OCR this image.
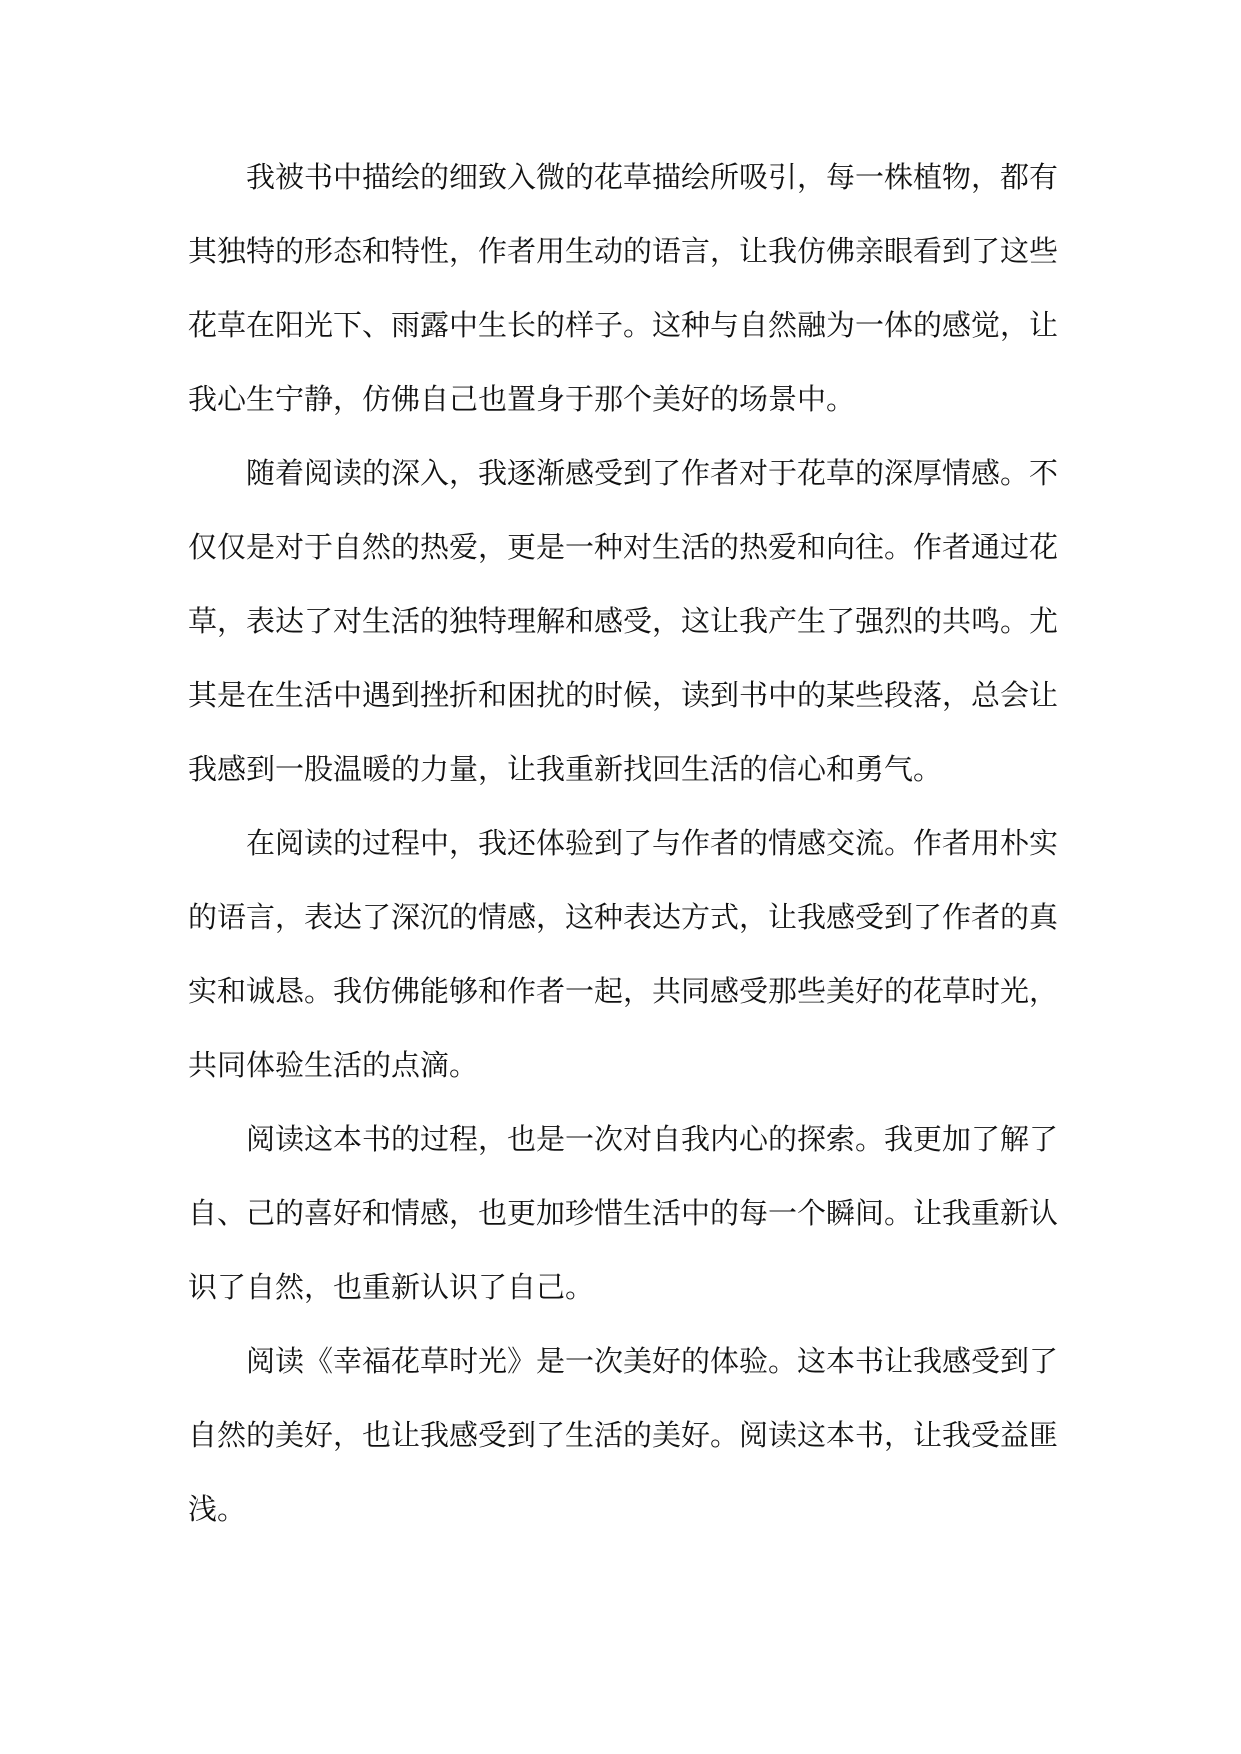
我被书中描绘的细致入微的花草描绘所吸引，每一株植物，都有其独特的形态和特性，作者用生动的语言，让我仿佛亲眼看到了这些花草在阳光下、雨露中生长的样子。这种与自然融为一体的感觉，让我心生宁静，仿佛自己也置身于那个美好的场景中。

随着阅读的深入，我逐渐感受到了作者对于花草的深厚情感。不仅仅是对于自然的热爱，更是一种对生活的热爱和向往。作者通过花草，表达了对生活的独特理解和感受，这让我产生了强烈的共鸣。尤其是在生活中遇到挫折和困扰的时候，读到书中的某些段落，总会让我感到一股温暖的力量，让我重新找回生活的信心和勇气。

在阅读的过程中，我还体验到了与作者的情感交流。作者用朴实的语言，表达了深沉的情感，这种表达方式，让我感受到了作者的真实和诚恳。我仿佛能够和作者一起，共同感受那些美好的花草时光，共同体验生活的点滴。

阅读这本书的过程，也是一次对自我内心的探索。我更加了解了自、己的喜好和情感，也更加珍惜生活中的每一个瞬间。让我重新认识了自然，也重新认识了自己。

阅读《幸福花草时光》是一次美好的体验。这本书让我感受到了自然的美好，也让我感受到了生活的美好。阅读这本书，让我受益匪浅。
